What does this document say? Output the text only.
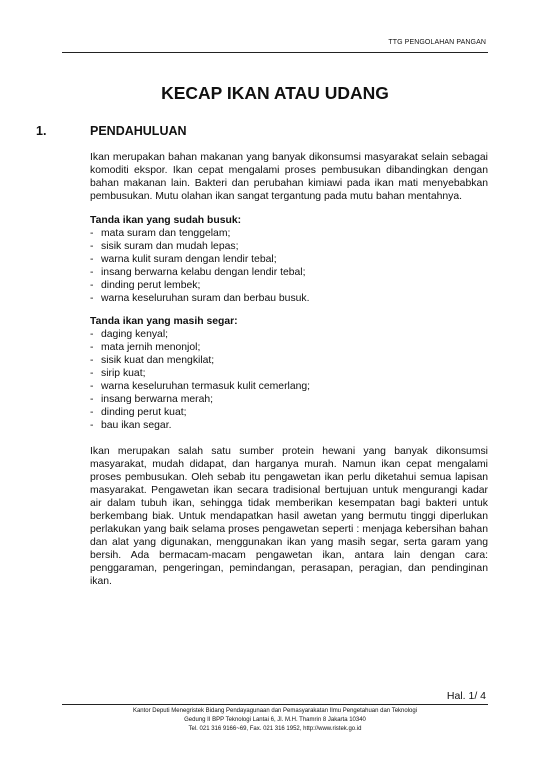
TTG PENGOLAHAN PANGAN
KECAP IKAN ATAU UDANG
1.	PENDAHULUAN

Ikan merupakan bahan makanan yang banyak dikonsumsi masyarakat selain sebagai komoditi ekspor. Ikan cepat mengalami proses pembusukan dibandingkan dengan bahan makanan lain. Bakteri dan perubahan kimiawi pada ikan mati menyebabkan pembusukan. Mutu olahan ikan sangat tergantung pada mutu bahan mentahnya.

Tanda ikan yang sudah busuk:

- mata suram dan tenggelam;
- sisik suram dan mudah lepas;
- warna kulit suram dengan lendir tebal;
- insang berwarna kelabu dengan lendir tebal;
- dinding perut lembek;
- warna keseluruhan suram dan berbau busuk.

Tanda ikan yang masih segar:

- daging kenyal;
- mata jernih menonjol;
- sisik kuat dan mengkilat;
- sirip kuat;
- warna keseluruhan termasuk kulit cemerlang;
- insang berwarna merah;
- dinding perut kuat;
- bau ikan segar.

Ikan merupakan salah satu sumber protein hewani yang banyak dikonsumsi masyarakat, mudah didapat, dan harganya murah. Namun ikan cepat mengalami proses pembusukan. Oleh sebab itu pengawetan ikan perlu diketahui semua lapisan masyarakat. Pengawetan ikan secara tradisional bertujuan untuk mengurangi kadar air dalam tubuh ikan, sehingga tidak memberikan kesempatan bagi bakteri untuk berkembang biak. Untuk mendapatkan hasil awetan yang bermutu tinggi diperlukan perlakukan yang baik selama proses pengawetan seperti : menjaga kebersihan bahan dan alat yang digunakan, menggunakan ikan yang masih segar, serta garam yang bersih. Ada bermacam-macam pengawetan ikan, antara lain dengan cara: penggaraman, pengeringan, pemindangan, perasapan, peragian, dan pendinginan ikan.

Hal. 1/ 4
Kantor Deputi Menegristek Bidang Pendayagunaan dan Pemasyarakatan Ilmu Pengetahuan dan Teknologi
Gedung II BPP Teknologi Lantai 6, Jl. M.H. Thamrin 8 Jakarta 10340
Tel. 021 316 9166~69, Fax. 021 316 1952, http://www.ristek.go.id
